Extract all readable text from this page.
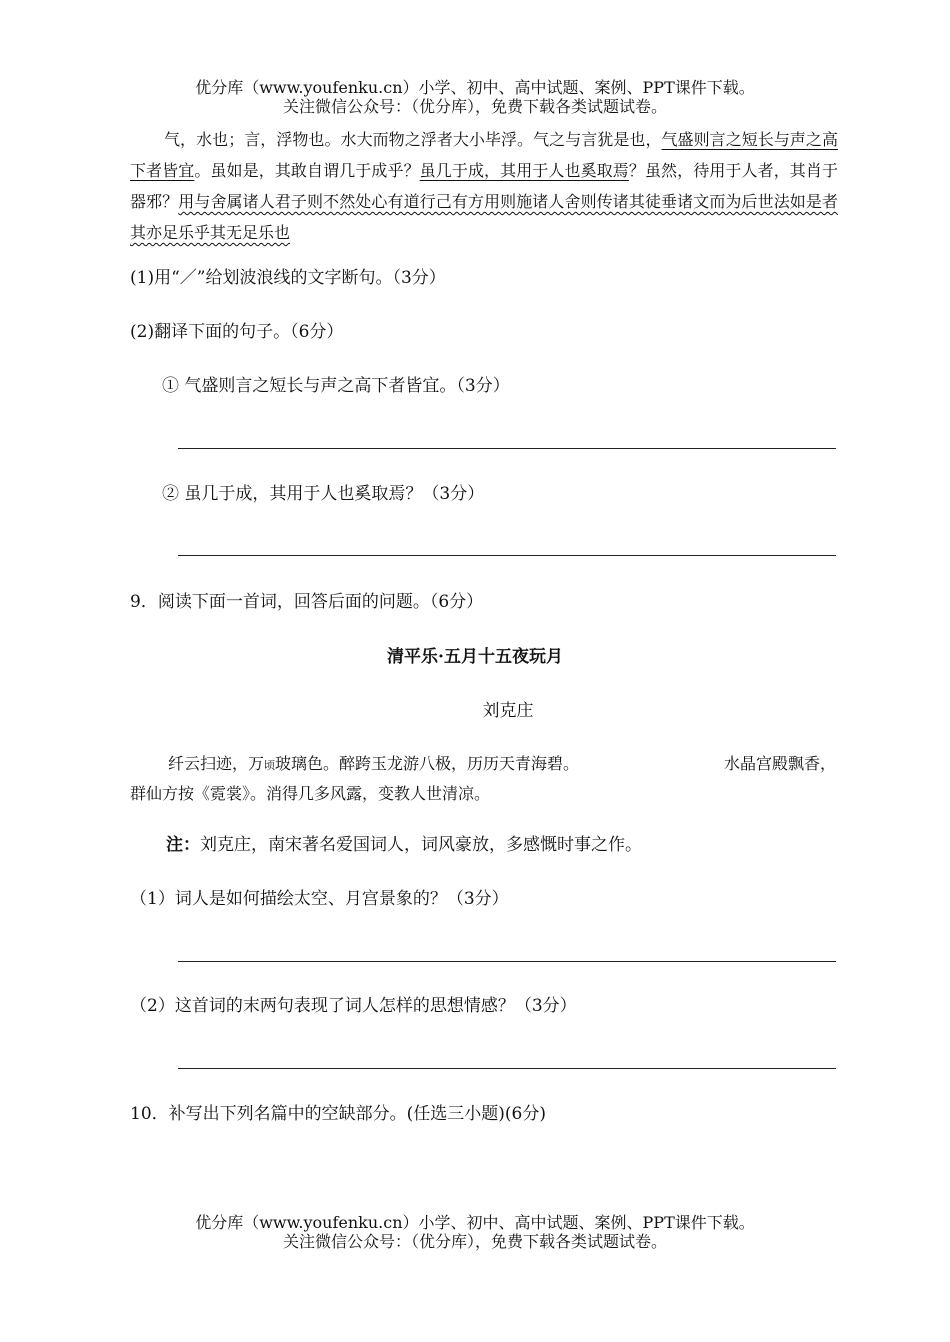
优分库（www.youfenku.cn）小学、初中、高中试题、案例、PPT课件下载。
关注微信公众号：（优分库），免费下载各类试题试卷。
气，水也；言，浮物也。水大而物之浮者大小毕浮。气之与言犹是也，气盛则言之短长与声之高下者皆宜。虽如是，其敢自谓几于成乎？虽几于成，其用于人也奚取焉？虽然，待用于人者，其肖于器邪？用与舍属诸人君子则不然处心有道行己有方用则施诸人舍则传诸其徒垂诸文而为后世法如是者其亦足乐乎其无足乐也
(1)用“／”给划波浪线的文字断句。（3分）
(2)翻译下面的句子。（6分）
① 气盛则言之短长与声之高下者皆宜。（3分）
② 虽几于成，其用于人也奚取焉？（3分）
9．阅读下面一首词，回答后面的问题。（6分）
清平乐·五月十五夜玩月
刘克庄
纤云扫迹，万顷玻璃色。醉跨玉龙游八极，历历天青海碧。	水晶宫殿飘香，
群仙方按《霓裳》。消得几多风露，变教人世清凉。
注：刘克庄，南宋著名爱国词人，词风豪放，多感慨时事之作。
（1）词人是如何描绘太空、月宫景象的？（3分）
（2）这首词的末两句表现了词人怎样的思想情感？（3分）
10．补写出下列名篇中的空缺部分。(任选三小题)(6分)
优分库（www.youfenku.cn）小学、初中、高中试题、案例、PPT课件下载。
关注微信公众号：（优分库），免费下载各类试题试卷。
